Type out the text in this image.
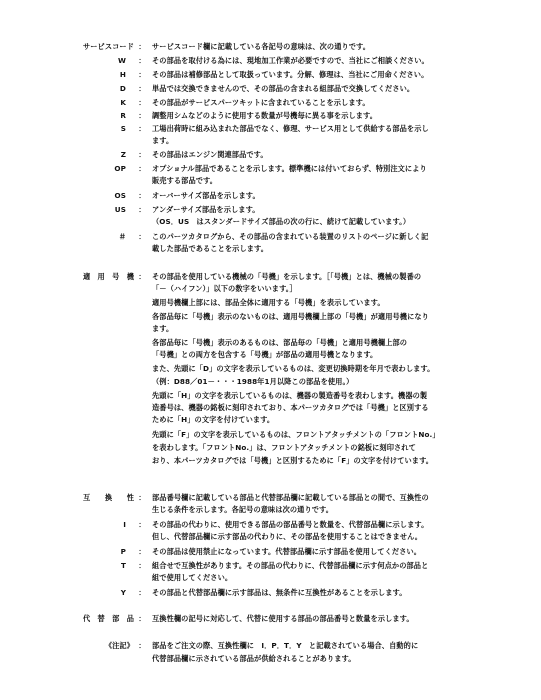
サービスコード ： サービスコード欄に記載している各記号の意味は、次の通りです。
W ： その部品を取付ける為には、現地加工作業が必要ですので、当社にご相談ください。
H ： その部品は補修部品として取扱っています。分解、修理は、当社にご用命ください。
D ： 単品では交換できませんので、その部品の含まれる組部品で交換してください。
K ： その部品がサービスパーツキットに含まれていることを示します。
R ： 調整用シムなどのように使用する数量が号機毎に異る事を示します。
S ： 工場出荷時に組み込まれた部品でなく、修理、サービス用として供給する部品を示し
ます。
Z ： その部品はエンジン関連部品です。
OP ： オプショナル部品であることを示します。標準機には付いておらず、特別注文により
販売する部品です。
OS ： オーバーサイズ部品を示します。
US ： アンダーサイズ部品を示します。
（OS．US　はスタンダードサイズ部品の次の行に、続けて記載しています。）
＃ ： このパーツカタログから、その部品の含まれている装置のリストのページに新しく記
載した部品であることを示します。
適　用　号　機 ： その部品を使用している機械の「号機」を示します。［「号機」とは、機械の製番の
「－（ハイフン）」以下の数字をいいます。］
適用号機欄上部には、部品全体に適用する「号機」を表示しています。
各部品毎に「号機」表示のないものは、適用号機欄上部の「号機」が適用号機になり
ます。
各部品毎に「号機」表示のあるものは、部品毎の「号機」と適用号機欄上部の
「号機」との両方を包含する「号機」が部品の適用号機となります。
また、先頭に「D」の文字を表示しているものは、変更切換時期を年月で表わします。
（例：D88／01－・・・1988年1月以降この部品を使用。）
先頭に「H」の文字を表示しているものは、機器の製造番号を表わします。機器の製
造番号は、機器の銘板に刻印されており、本パーツカタログでは「号機」と区別する
ために「H」の文字を付けています。
先頭に「F」の文字を表示しているものは、フロントアタッチメントの「フロントNo.」
を表わします。「フロントNo.」は、フロントアタッチメントの銘板に刻印されて
おり、本パーツカタログでは「号機」と区別するために「F」の文字を付けています。
互　　換　　性 ： 部品番号欄に記載している部品と代替部品欄に記載している部品との間で、互換性の
生じる条件を示します。各記号の意味は次の通りです。
I ： その部品の代わりに、使用できる部品の部品番号と数量を、代替部品欄に示します。
但し、代替部品欄に示す部品の代わりに、その部品を使用することはできません。
P ： その部品は使用禁止になっています。代替部品欄に示す部品を使用してください。
T ： 組合せで互換性があります。その部品の代わりに、代替部品欄に示す何点かの部品と
組で使用してください。
Y ： その部品と代替部品欄に示す部品は、無条件に互換性があることを示します。
代　替　部　品 ： 互換性欄の記号に対応して、代替に使用する部品の部品番号と数量を示します。
《注記》 ： 部品をご注文の際、互換性欄に　I．P．T．Y　と記載されている場合、自動的に
代替部品欄に示されている部品が供給されることがあります。
